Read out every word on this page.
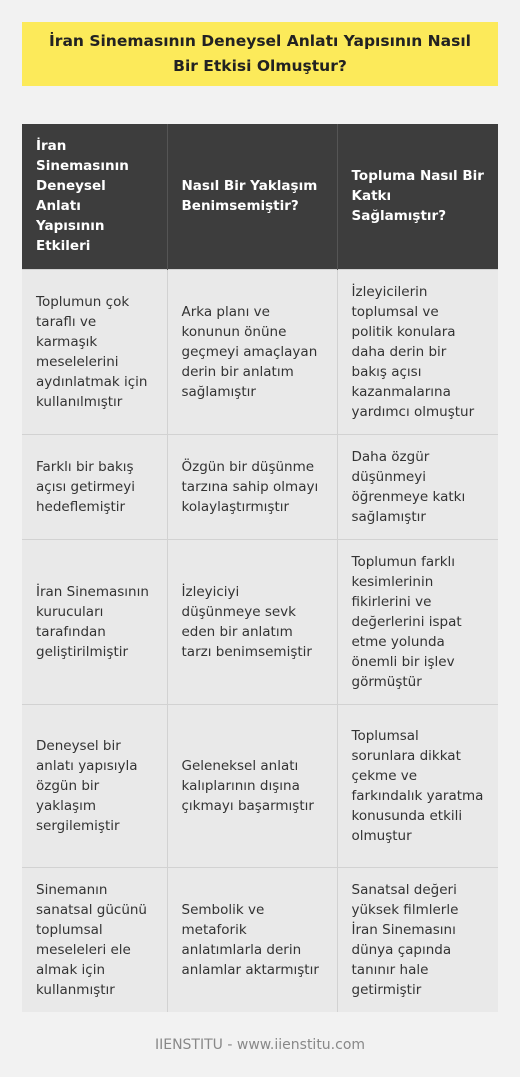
İran Sinemasının Deneysel Anlatı Yapısının Nasıl Bir Etkisi Olmuştur?
İran Sinemasının Deneysel Anlatı Yapısının Etkileri	Nasıl Bir Yaklaşım Benimsemiştir?	Topluma Nasıl Bir Katkı Sağlamıştır?
Toplumun çok taraflı ve karmaşık meselelerini aydınlatmak için kullanılmıştır	Arka planı ve konunun önüne geçmeyi amaçlayan derin bir anlatım sağlamıştır	İzleyicilerin toplumsal ve politik konulara daha derin bir bakış açısı kazanmalarına yardımcı olmuştur
Farklı bir bakış açısı getirmeyi hedeflemiştir	Özgün bir düşünme tarzına sahip olmayı kolaylaştırmıştır	Daha özgür düşünmeyi öğrenmeye katkı sağlamıştır
İran Sinemasının kurucuları tarafından geliştirilmiştir	İzleyiciyi düşünmeye sevk eden bir anlatım tarzı benimsemiştir	Toplumun farklı kesimlerinin fikirlerini ve değerlerini ispat etme yolunda önemli bir işlev görmüştür
Deneysel bir anlatı yapısıyla özgün bir yaklaşım sergilemiştir	Geleneksel anlatı kalıplarının dışına çıkmayı başarmıştır	Toplumsal sorunlara dikkat çekme ve farkındalık yaratma konusunda etkili olmuştur
Sinemanın sanatsal gücünü toplumsal meseleleri ele almak için kullanmıştır	Sembolik ve metaforik anlatımlarla derin anlamlar aktarmıştır	Sanatsal değeri yüksek filmlerle İran Sinemasını dünya çapında tanınır hale getirmiştir
IIENSTITU - www.iienstitu.com
